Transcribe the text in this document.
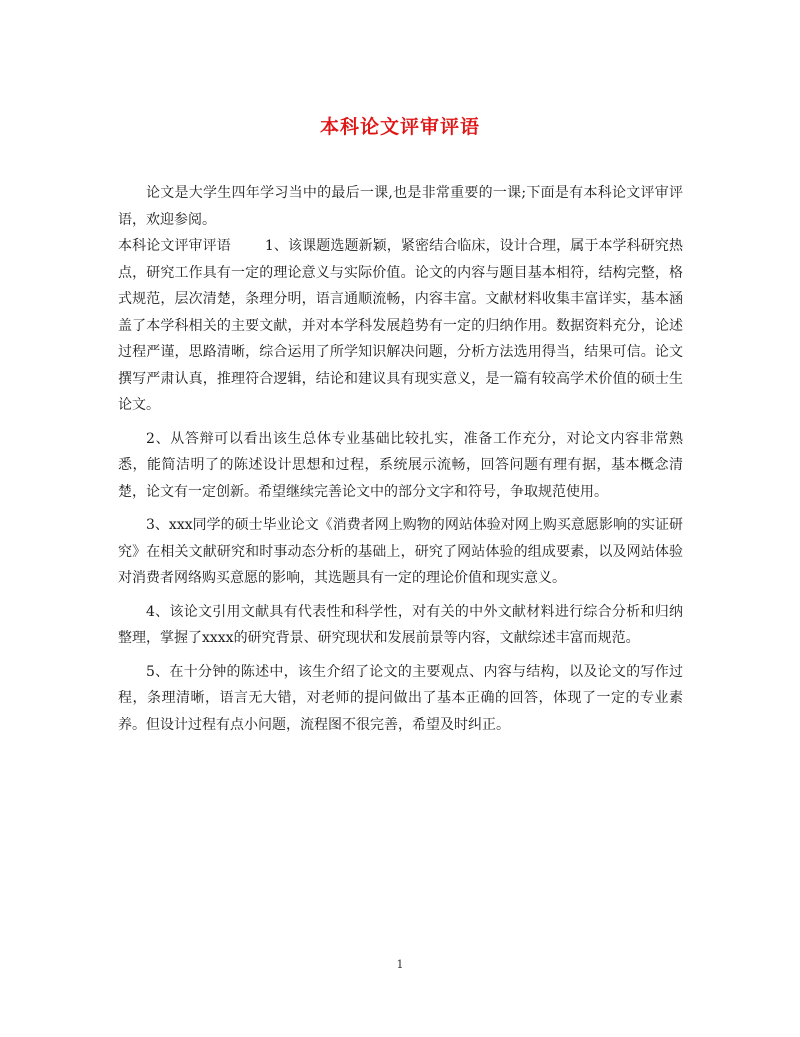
本科论文评审评语

论文是大学生四年学习当中的最后一课,也是非常重要的一课;下面是有本科论文评审评语，欢迎参阅。

本科论文评审评语 1、该课题选题新颖，紧密结合临床，设计合理，属于本学科研究热点，研究工作具有一定的理论意义与实际价值。论文的内容与题目基本相符，结构完整，格式规范，层次清楚，条理分明，语言通顺流畅，内容丰富。文献材料收集丰富详实，基本涵盖了本学科相关的主要文献，并对本学科发展趋势有一定的归纳作用。数据资料充分，论述过程严谨，思路清晰，综合运用了所学知识解决问题，分析方法选用得当，结果可信。论文撰写严肃认真，推理符合逻辑，结论和建议具有现实意义，是一篇有较高学术价值的硕士生论文。

2、从答辩可以看出该生总体专业基础比较扎实，准备工作充分，对论文内容非常熟悉，能简洁明了的陈述设计思想和过程，系统展示流畅，回答问题有理有据，基本概念清楚，论文有一定创新。希望继续完善论文中的部分文字和符号，争取规范使用。

3、xxx同学的硕士毕业论文《消费者网上购物的网站体验对网上购买意愿影响的实证研究》在相关文献研究和时事动态分析的基础上，研究了网站体验的组成要素，以及网站体验对消费者网络购买意愿的影响，其选题具有一定的理论价值和现实意义。

4、该论文引用文献具有代表性和科学性，对有关的中外文献材料进行综合分析和归纳整理，掌握了xxxx的研究背景、研究现状和发展前景等内容，文献综述丰富而规范。

5、在十分钟的陈述中，该生介绍了论文的主要观点、内容与结构，以及论文的写作过程，条理清晰，语言无大错，对老师的提问做出了基本正确的回答，体现了一定的专业素养。但设计过程有点小问题，流程图不很完善，希望及时纠正。

1
